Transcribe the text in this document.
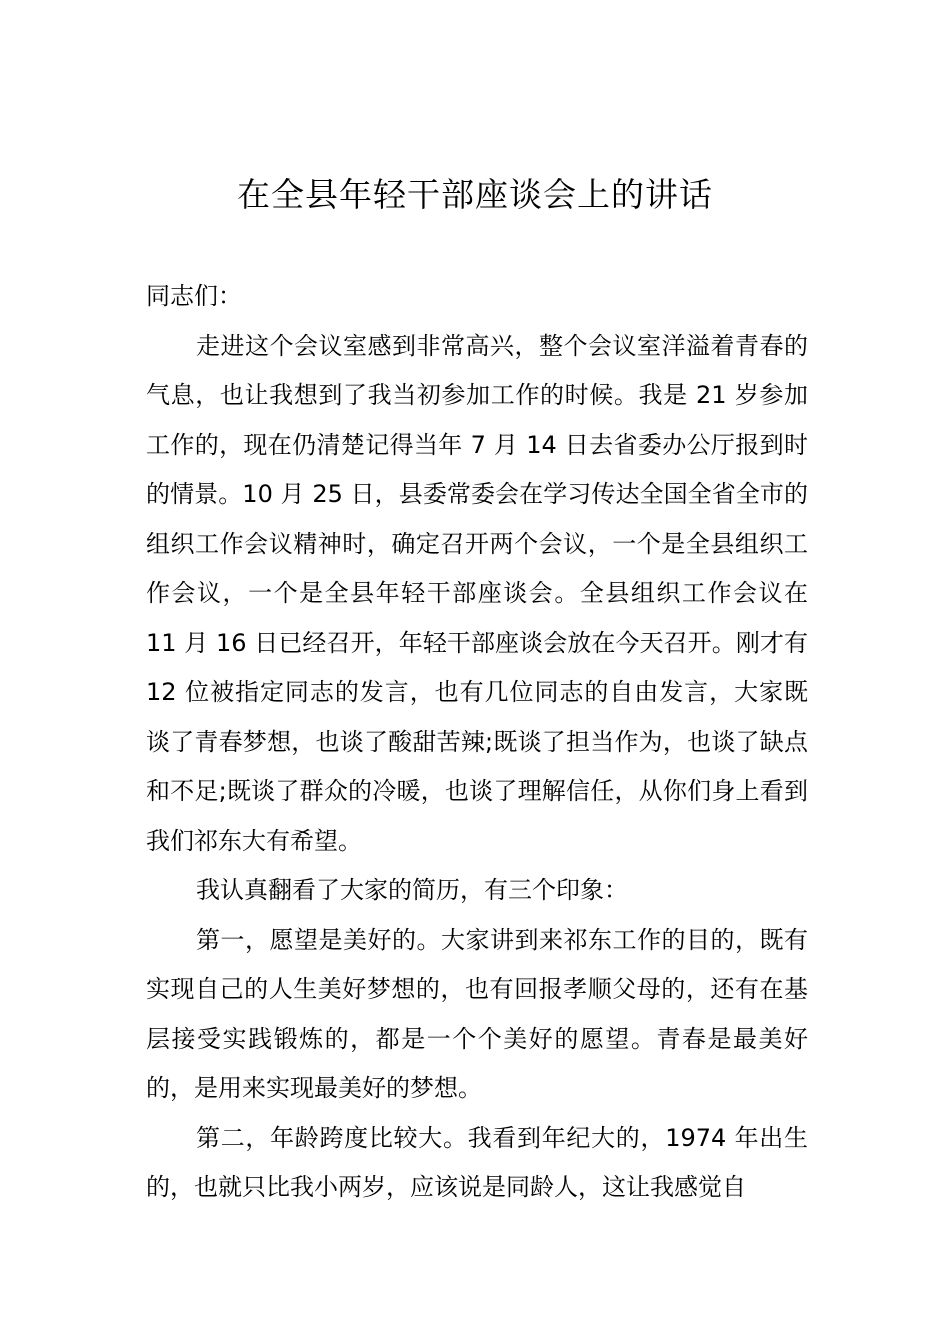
在全县年轻干部座谈会上的讲话

同志们：

走进这个会议室感到非常高兴，整个会议室洋溢着青春的气息，也让我想到了我当初参加工作的时候。我是 21 岁参加工作的，现在仍清楚记得当年 7 月 14 日去省委办公厅报到时的情景。10 月 25 日，县委常委会在学习传达全国全省全市的组织工作会议精神时，确定召开两个会议，一个是全县组织工作会议，一个是全县年轻干部座谈会。全县组织工作会议在 11 月 16 日已经召开，年轻干部座谈会放在今天召开。刚才有 12 位被指定同志的发言，也有几位同志的自由发言，大家既谈了青春梦想，也谈了酸甜苦辣;既谈了担当作为，也谈了缺点和不足;既谈了群众的冷暖，也谈了理解信任，从你们身上看到我们祁东大有希望。

我认真翻看了大家的简历，有三个印象：

第一，愿望是美好的。大家讲到来祁东工作的目的，既有实现自己的人生美好梦想的，也有回报孝顺父母的，还有在基层接受实践锻炼的，都是一个个美好的愿望。青春是最美好的，是用来实现最美好的梦想。

第二，年龄跨度比较大。我看到年纪大的，1974 年出生的，也就只比我小两岁，应该说是同龄人，这让我感觉自
